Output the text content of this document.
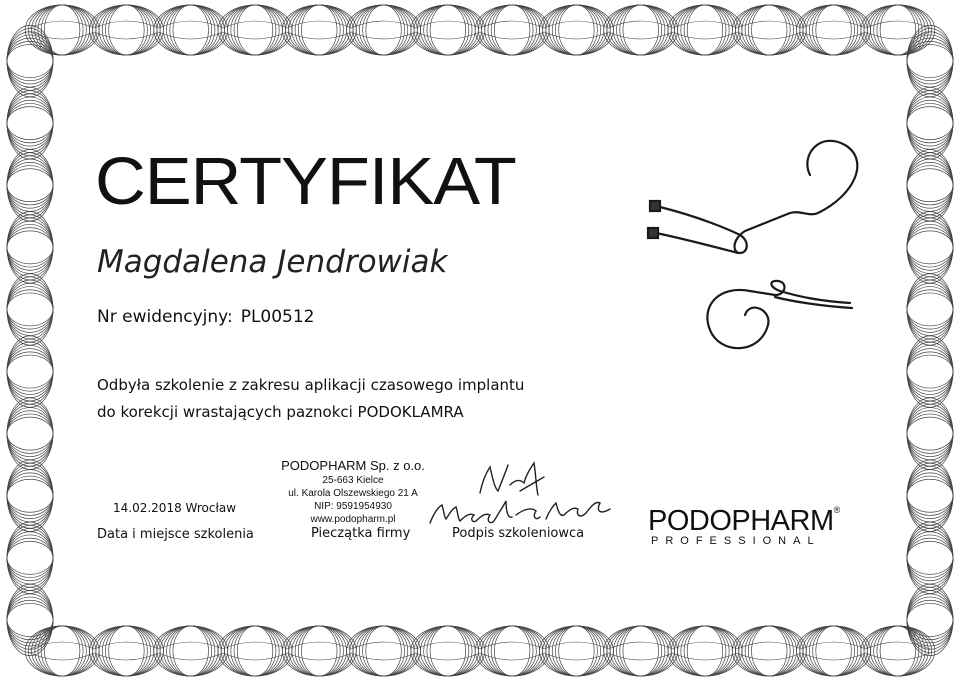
CERTYFIKAT
Magdalena Jendrowiak
Nr ewidencyjny: PL00512
Odbyła szkolenie z zakresu aplikacji czasowego implantu
do korekcji wrastających paznokci PODOKLAMRA
14.02.2018 Wrocław
Data i miejsce szkolenia
PODOPHARM Sp. z o.o.
25-663 Kielce
ul. Karola Olszewskiego 21 A
NIP: 9591954930
www.podopharm.pl
Pieczątka firmy	Podpis szkoleniowca PODOPHARM®
PROFESSIONAL
